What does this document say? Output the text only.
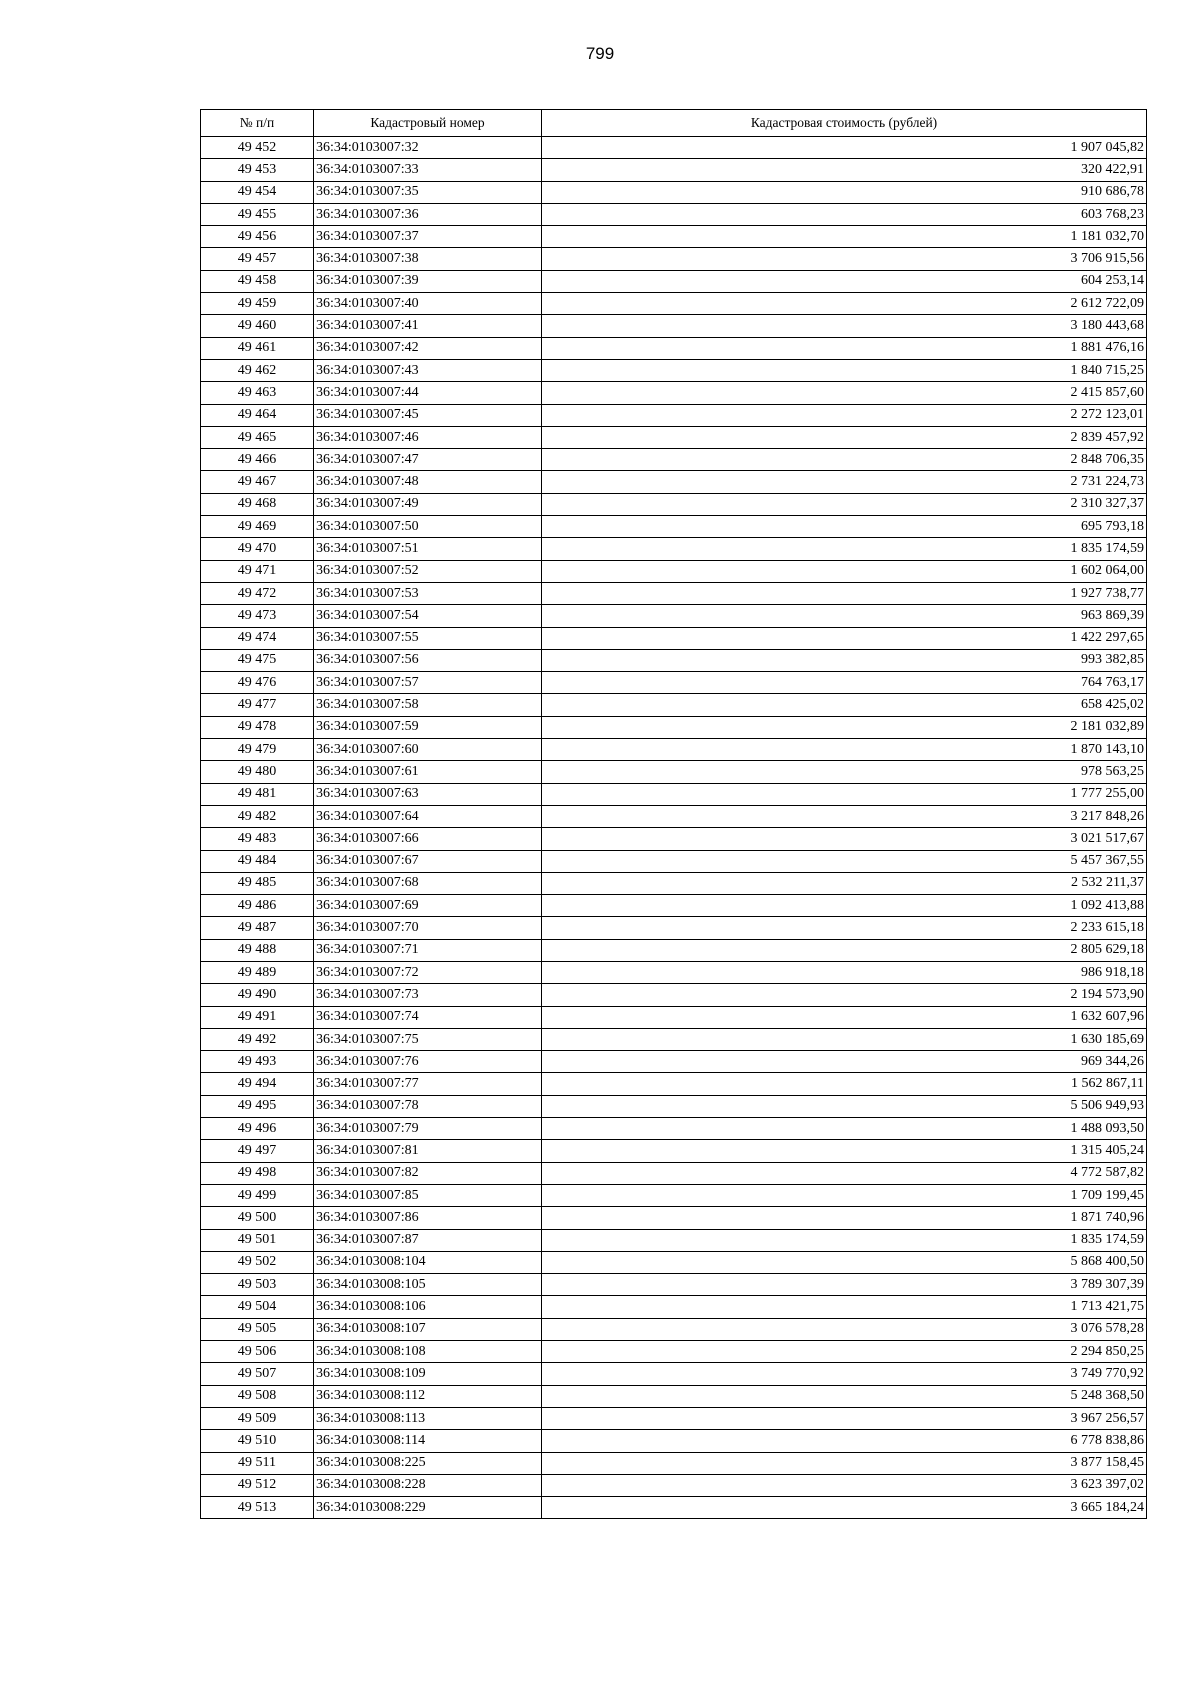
799
№ п/п	Кадастровый номер	Кадастровая стоимость (рублей)
49 452	36:34:0103007:32	1 907 045,82
49 453	36:34:0103007:33	320 422,91
49 454	36:34:0103007:35	910 686,78
49 455	36:34:0103007:36	603 768,23
49 456	36:34:0103007:37	1 181 032,70
49 457	36:34:0103007:38	3 706 915,56
49 458	36:34:0103007:39	604 253,14
49 459	36:34:0103007:40	2 612 722,09
49 460	36:34:0103007:41	3 180 443,68
49 461	36:34:0103007:42	1 881 476,16
49 462	36:34:0103007:43	1 840 715,25
49 463	36:34:0103007:44	2 415 857,60
49 464	36:34:0103007:45	2 272 123,01
49 465	36:34:0103007:46	2 839 457,92
49 466	36:34:0103007:47	2 848 706,35
49 467	36:34:0103007:48	2 731 224,73
49 468	36:34:0103007:49	2 310 327,37
49 469	36:34:0103007:50	695 793,18
49 470	36:34:0103007:51	1 835 174,59
49 471	36:34:0103007:52	1 602 064,00
49 472	36:34:0103007:53	1 927 738,77
49 473	36:34:0103007:54	963 869,39
49 474	36:34:0103007:55	1 422 297,65
49 475	36:34:0103007:56	993 382,85
49 476	36:34:0103007:57	764 763,17
49 477	36:34:0103007:58	658 425,02
49 478	36:34:0103007:59	2 181 032,89
49 479	36:34:0103007:60	1 870 143,10
49 480	36:34:0103007:61	978 563,25
49 481	36:34:0103007:63	1 777 255,00
49 482	36:34:0103007:64	3 217 848,26
49 483	36:34:0103007:66	3 021 517,67
49 484	36:34:0103007:67	5 457 367,55
49 485	36:34:0103007:68	2 532 211,37
49 486	36:34:0103007:69	1 092 413,88
49 487	36:34:0103007:70	2 233 615,18
49 488	36:34:0103007:71	2 805 629,18
49 489	36:34:0103007:72	986 918,18
49 490	36:34:0103007:73	2 194 573,90
49 491	36:34:0103007:74	1 632 607,96
49 492	36:34:0103007:75	1 630 185,69
49 493	36:34:0103007:76	969 344,26
49 494	36:34:0103007:77	1 562 867,11
49 495	36:34:0103007:78	5 506 949,93
49 496	36:34:0103007:79	1 488 093,50
49 497	36:34:0103007:81	1 315 405,24
49 498	36:34:0103007:82	4 772 587,82
49 499	36:34:0103007:85	1 709 199,45
49 500	36:34:0103007:86	1 871 740,96
49 501	36:34:0103007:87	1 835 174,59
49 502	36:34:0103008:104	5 868 400,50
49 503	36:34:0103008:105	3 789 307,39
49 504	36:34:0103008:106	1 713 421,75
49 505	36:34:0103008:107	3 076 578,28
49 506	36:34:0103008:108	2 294 850,25
49 507	36:34:0103008:109	3 749 770,92
49 508	36:34:0103008:112	5 248 368,50
49 509	36:34:0103008:113	3 967 256,57
49 510	36:34:0103008:114	6 778 838,86
49 511	36:34:0103008:225	3 877 158,45
49 512	36:34:0103008:228	3 623 397,02
49 513	36:34:0103008:229	3 665 184,24
